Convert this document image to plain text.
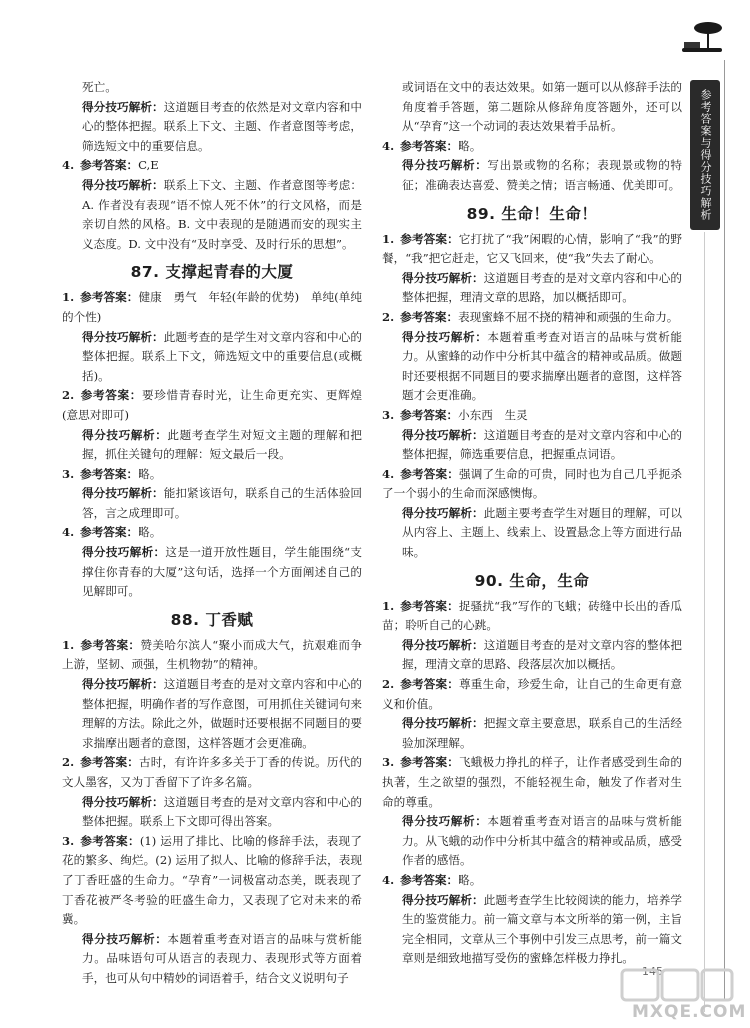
参考答案与得分技巧解析

死亡。

得分技巧解析：这道题目考查的依然是对文章内容和中心的整体把握。联系上下文、主题、作者意图等考虑，筛选短文中的重要信息。

4. 参考答案：C,E

得分技巧解析：联系上下文、主题、作者意图等考虑：A. 作者没有表现“语不惊人死不休”的行文风格，而是亲切自然的风格。B. 文中表现的是随遇而安的现实主义态度。D. 文中没有“及时享受、及时行乐的思想”。

87. 支撑起青春的大厦

1. 参考答案：健康　勇气　年轻(年龄的优势)　单纯(单纯的个性)

得分技巧解析：此题考查的是学生对文章内容和中心的整体把握。联系上下文，筛选短文中的重要信息(或概括)。

2. 参考答案：要珍惜青春时光，让生命更充实、更辉煌(意思对即可)

得分技巧解析：此题考查学生对短文主题的理解和把握，抓住关键句的理解：短文最后一段。

3. 参考答案：略。

得分技巧解析：能扣紧该语句，联系自己的生活体验回答，言之成理即可。

4. 参考答案：略。

得分技巧解析：这是一道开放性题目，学生能围绕“支撑住你青春的大厦”这句话，选择一个方面阐述自己的见解即可。

88. 丁香赋

1. 参考答案：赞美哈尔滨人“聚小而成大气，抗艰难而争上游，坚韧、顽强，生机物勃”的精神。

得分技巧解析：这道题目考查的是对文章内容和中心的整体把握，明确作者的写作意图，可用抓住关键词句来理解的方法。除此之外，做题时还要根据不同题目的要求揣摩出题者的意图，这样答题才会更准确。

2. 参考答案：古时，有许许多多关于丁香的传说。历代的文人墨客，又为丁香留下了许多名篇。

得分技巧解析：这道题目考查的是对文章内容和中心的整体把握。联系上下文即可得出答案。

3. 参考答案：(1) 运用了排比、比喻的修辞手法，表现了花的繁多、绚烂。(2) 运用了拟人、比喻的修辞手法，表现了丁香旺盛的生命力。“孕育”一词极富动态美，既表现了丁香花被严冬考验的旺盛生命力，又表现了它对未来的希冀。

得分技巧解析：本题着重考查对语言的品味与赏析能力。品味语句可从语言的表现力、表现形式等方面着手，也可从句中精妙的词语着手，结合文义说明句子

或词语在文中的表达效果。如第一题可以从修辞手法的角度着手答题，第二题除从修辞角度答题外，还可以从“孕育”这一个动词的表达效果着手品析。

4. 参考答案：略。

得分技巧解析：写出景或物的名称；表现景或物的特征；准确表达喜爱、赞美之情；语言畅通、优美即可。

89. 生命！生命！

1. 参考答案：它打扰了“我”闲暇的心情，影响了“我”的野餐，“我”把它赶走，它又飞回来，使“我”失去了耐心。

得分技巧解析：这道题目考查的是对文章内容和中心的整体把握，理清文章的思路，加以概括即可。

2. 参考答案：表现蜜蜂不屈不挠的精神和顽强的生命力。

得分技巧解析：本题着重考查对语言的品味与赏析能力。从蜜蜂的动作中分析其中蕴含的精神或品质。做题时还要根据不同题目的要求揣摩出题者的意图，这样答题才会更准确。

3. 参考答案：小东西　生灵

得分技巧解析：这道题目考查的是对文章内容和中心的整体把握，筛选重要信息，把握重点词语。

4. 参考答案：强调了生命的可贵，同时也为自己几乎扼杀了一个弱小的生命而深感懊悔。

得分技巧解析：此题主要考查学生对题目的理解，可以从内容上、主题上、线索上、设置悬念上等方面进行品味。

90. 生命，生命

1. 参考答案：捉骚扰“我”写作的飞蛾；砖缝中长出的香瓜苗；聆听自己的心跳。

得分技巧解析：这道题目考查的是对文章内容的整体把握，理清文章的思路、段落层次加以概括。

2. 参考答案：尊重生命，珍爱生命，让自己的生命更有意义和价值。

得分技巧解析：把握文章主要意思，联系自己的生活经验加深理解。

3. 参考答案：飞蛾极力挣扎的样子，让作者感受到生命的执著，生之欲望的强烈，不能轻视生命，触发了作者对生命的尊重。

得分技巧解析：本题着重考查对语言的品味与赏析能力。从飞蛾的动作中分析其中蕴含的精神或品质，感受作者的感悟。

4. 参考答案：略。

得分技巧解析：此题考查学生比较阅读的能力，培养学生的鉴赏能力。前一篇文章与本文所举的第一例，主旨完全相同，文章从三个事例中引发三点思考，前一篇文章则是细致地描写受伤的蜜蜂怎样极力挣扎。

145
MXQE.COM
